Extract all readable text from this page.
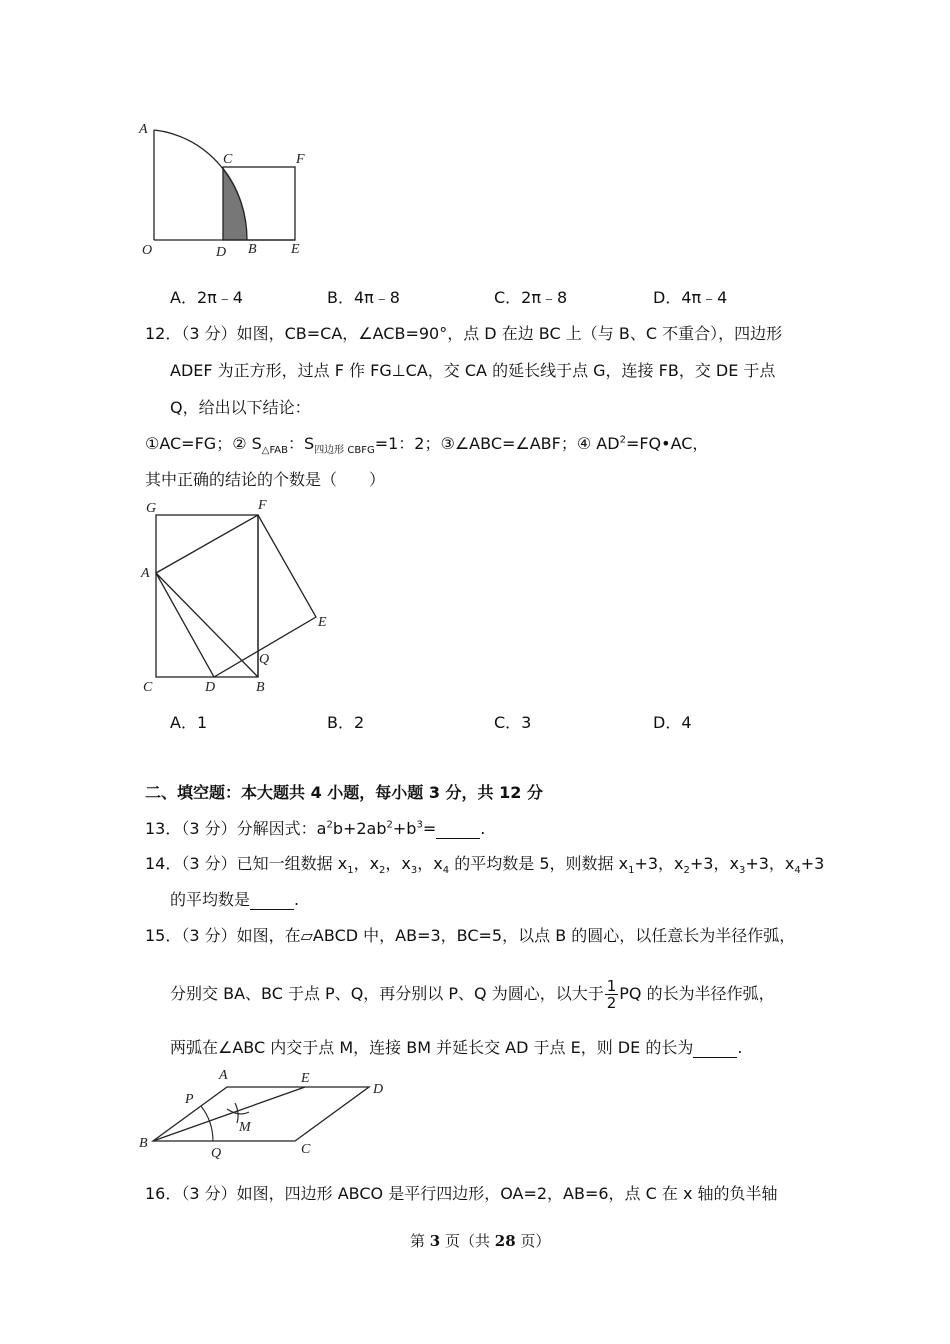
A
C	F
O	D B E
A．2π﹣4	B．4π﹣8	C．2π﹣8	D．4π﹣4
12．（3 分）如图，CB=CA，∠ACB=90°，点 D 在边 BC 上（与 B、C 不重合），四边形
ADEF 为正方形，过点 F 作 FG⊥CA，交 CA 的延长线于点 G，连接 FB，交 DE 于点
Q，给出以下结论：
①AC=FG；② $S_{\triangle FAB}$：$S_{四边形 CBFG}=1$：2；③∠ABC=∠ABF；④ $AD^2=FQ•AC$，
其中正确的结论的个数是（　　）
G	F
A
E
Q
C	D	B
A．1	B．2	C．3	D．4
二、填空题：本大题共 4 小题，每小题 3 分，共 12 分
13．（3 分）分解因式：$a^2b+2ab^2+b^3=$	.
14．（3 分）已知一组数据 $x_1$，$x_2$，$x_3$，$x_4$ 的平均数是 5，则数据 $x_1+3$，$x_2+3$，$x_3+3$，$x_4+3$
的平均数是	.
15．（3 分）如图，在▱ABCD 中，AB=3，BC=5，以点 B 的圆心，以任意长为半径作弧，
分别交 BA、BC 于点 P、Q，再分别以 P、Q 为圆心，以大于 $\frac{1}{2}$ PQ 的长为半径作弧，
两弧在∠ABC 内交于点 M，连接 BM 并延长交 AD 于点 E，则 DE 的长为	.
A	E
D
P
M
B
Q	C
16．（3 分）如图，四边形 ABCO 是平行四边形，OA=2，AB=6，点 C 在 x 轴的负半轴
第 3 页（共 28 页）
